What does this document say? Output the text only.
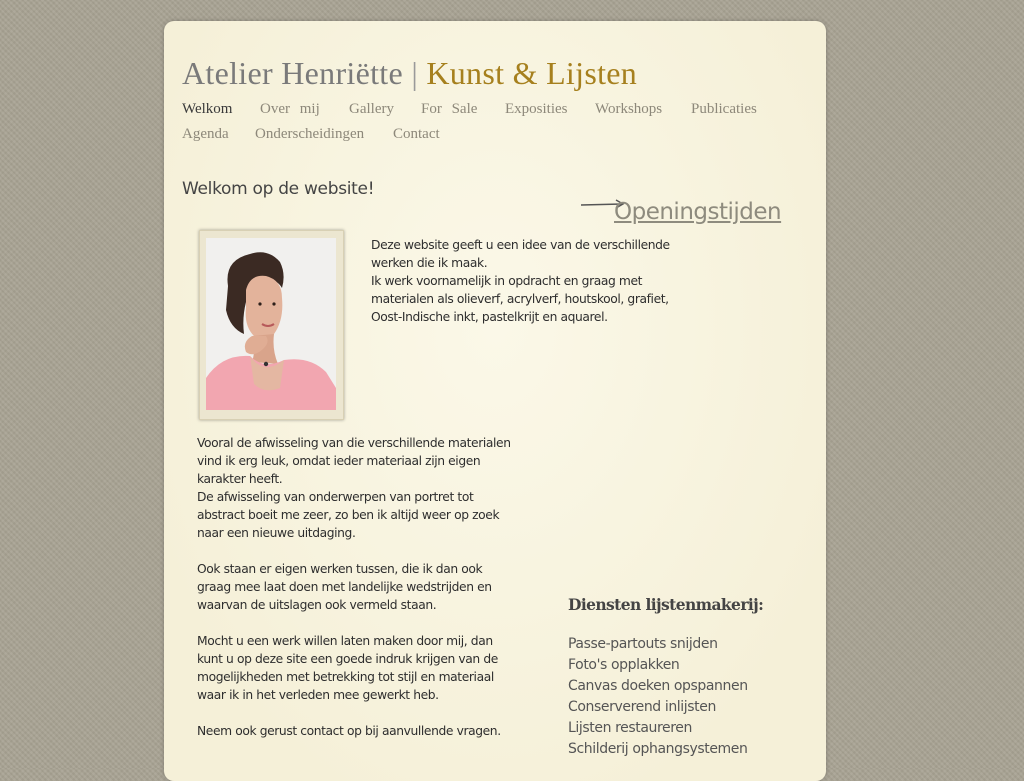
Atelier Henriëtte | Kunst & Lijsten
Welkom Over mij Gallery For Sale Exposities Workshops Publicaties
Agenda Onderscheidingen Contact
Welkom op de website!
Openingstijden

Deze website geeft u een idee van de verschillende werken die ik maak.

Ik werk voornamelijk in opdracht en graag met materialen als olieverf, acrylverf, houtskool, grafiet, Oost-Indische inkt, pastelkrijt en aquarel.

Vooral de afwisseling van die verschillende materialen vind ik erg leuk, omdat ieder materiaal zijn eigen karakter heeft.

De afwisseling van onderwerpen van portret tot abstract boeit me zeer, zo ben ik altijd weer op zoek naar een nieuwe uitdaging.

Ook staan er eigen werken tussen, die ik dan ook graag mee laat doen met landelijke wedstrijden en waarvan de uitslagen ook vermeld staan.

Mocht u een werk willen laten maken door mij, dan kunt u op deze site een goede indruk krijgen van de mogelijkheden met betrekking tot stijl en materiaal waar ik in het verleden mee gewerkt heb.

Neem ook gerust contact op bij aanvullende vragen.

Diensten lijstenmakerij:
Passe-partouts snijden
Foto's opplakken
Canvas doeken opspannen
Conserverend inlijsten
Lijsten restaureren
Schilderij ophangsystemen
